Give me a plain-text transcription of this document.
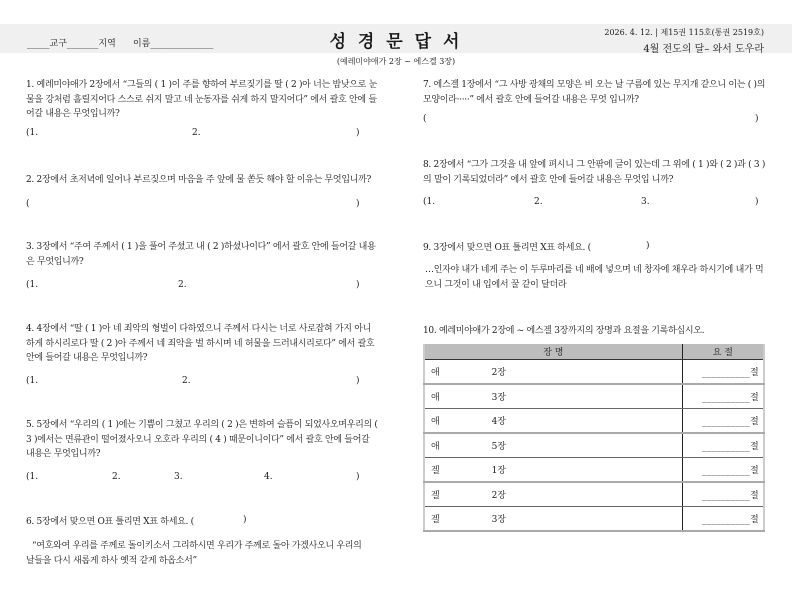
_____교구_______지역      이름______________	성 경 문 답 서
(예레미야애가 2장 ~ 에스겔 3장)
2026. 4. 12. | 제15권 115호(통권 2519호)
4월 전도의 달– 와서 도우라
1. 예레미야애가 2장에서 “그들의 ( 1 )이 주를 향하여 부르짖기를 딸 ( 2 )아 너는 밤낮으로 눈물을 강처럼 흘릴지어다 스스로 쉬지 말고 네 눈동자를 쉬게 하지 말지어다” 에서 괄호 안에 들어갈 내용은 무엇입니까?
(1.	2.	)
2. 2장에서 초저녁에 일어나 부르짖으며 마음을 주 앞에 물 쏟듯 해야 할 이유는 무엇입니까?
(	)
3. 3장에서 “주여 주께서 ( 1 )을 풀어 주셨고 내 ( 2 )하셨나이다” 에서 괄호 안에 들어갈 내용은 무엇입니까?
(1.	2.	)
4. 4장에서 “딸 ( 1 )아 네 죄악의 형벌이 다하였으니 주께서 다시는 너로 사로잡혀 가지 아니하게 하시리로다 딸 ( 2 )아 주께서 네 죄악을 벌 하시며 네 허물을 드러내시리로다” 에서 괄호 안에 들어갈 내용은 무엇입니까?
(1.	2.	)
5. 5장에서 “우리의 ( 1 )에는 기쁨이 그쳤고 우리의 ( 2 )은 변하여 슬픔이 되었사오며우리의 ( 3 )에서는 면류관이 떨어졌사오니 오호라 우리의 ( 4 ) 때문이니이다” 에서 괄호 안에 들어갈 내용은 무엇입니까?
(1.	2.	3.	4.	)
6. 5장에서 맞으면 O표 틀리면 X표 하세요. (	)
“여호와여 우리를 주께로 돌이키소서 그리하시면 우리가 주께로 돌아 가겠사오니 우리의 날들을 다시 새롭게 하사 옛적 같게 하옵소서”
7. 에스겔 1장에서 “그 사방 광채의 모양은 비 오는 날 구름에 있는 무지개 같으니 이는 ( )의 모양이라·····” 에서 괄호 안에 들어갈 내용은 무엇 입니까?
(	)
8. 2장에서 “그가 그것을 내 앞에 펴시니 그 안팎에 글이 있는데 그 위에 ( 1 )와 ( 2 )과 ( 3 )의 말이 기록되었더라” 에서 괄호 안에 들어갈 내용은 무엇입 니까?
(1.	2.	3.	)
9. 3장에서 맞으면 O표 틀리면 X표 하세요. (	)
…인자야 내가 네게 주는 이 두루마리를 네 배에 넣으며 네 창자에 채우라 하시기에 내가 먹으니 그것이 내 입에서 꿀 같이 달더라
10. 예레미야애가 2장에 ~ 에스겔 3장까지의 장명과 요절을 기록하십시오.
장 명		요 절
애	2장	__________절
애	3장	__________절
애	4장	__________절
애	5장	__________절
겔	1장	__________절
겔	2장	__________절
겔	3장	__________절
